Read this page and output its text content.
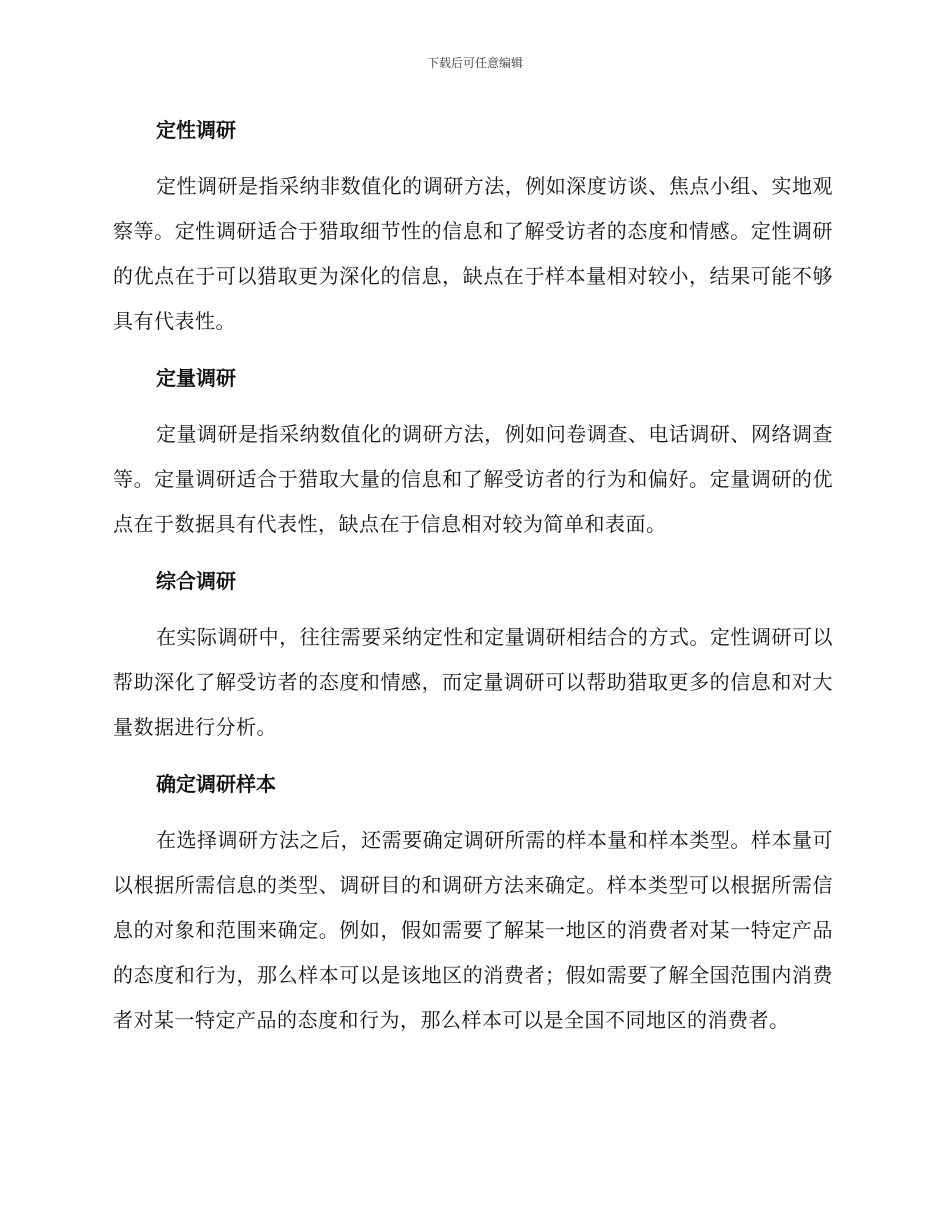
下载后可任意编辑
定性调研

定性调研是指采纳非数值化的调研方法，例如深度访谈、焦点小组、实地观察等。定性调研适合于猎取细节性的信息和了解受访者的态度和情感。定性调研的优点在于可以猎取更为深化的信息，缺点在于样本量相对较小，结果可能不够具有代表性。

定量调研

定量调研是指采纳数值化的调研方法，例如问卷调查、电话调研、网络调查等。定量调研适合于猎取大量的信息和了解受访者的行为和偏好。定量调研的优点在于数据具有代表性，缺点在于信息相对较为简单和表面。

综合调研

在实际调研中，往往需要采纳定性和定量调研相结合的方式。定性调研可以帮助深化了解受访者的态度和情感，而定量调研可以帮助猎取更多的信息和对大量数据进行分析。

确定调研样本

在选择调研方法之后，还需要确定调研所需的样本量和样本类型。样本量可以根据所需信息的类型、调研目的和调研方法来确定。样本类型可以根据所需信息的对象和范围来确定。例如，假如需要了解某一地区的消费者对某一特定产品的态度和行为，那么样本可以是该地区的消费者；假如需要了解全国范围内消费者对某一特定产品的态度和行为，那么样本可以是全国不同地区的消费者。
